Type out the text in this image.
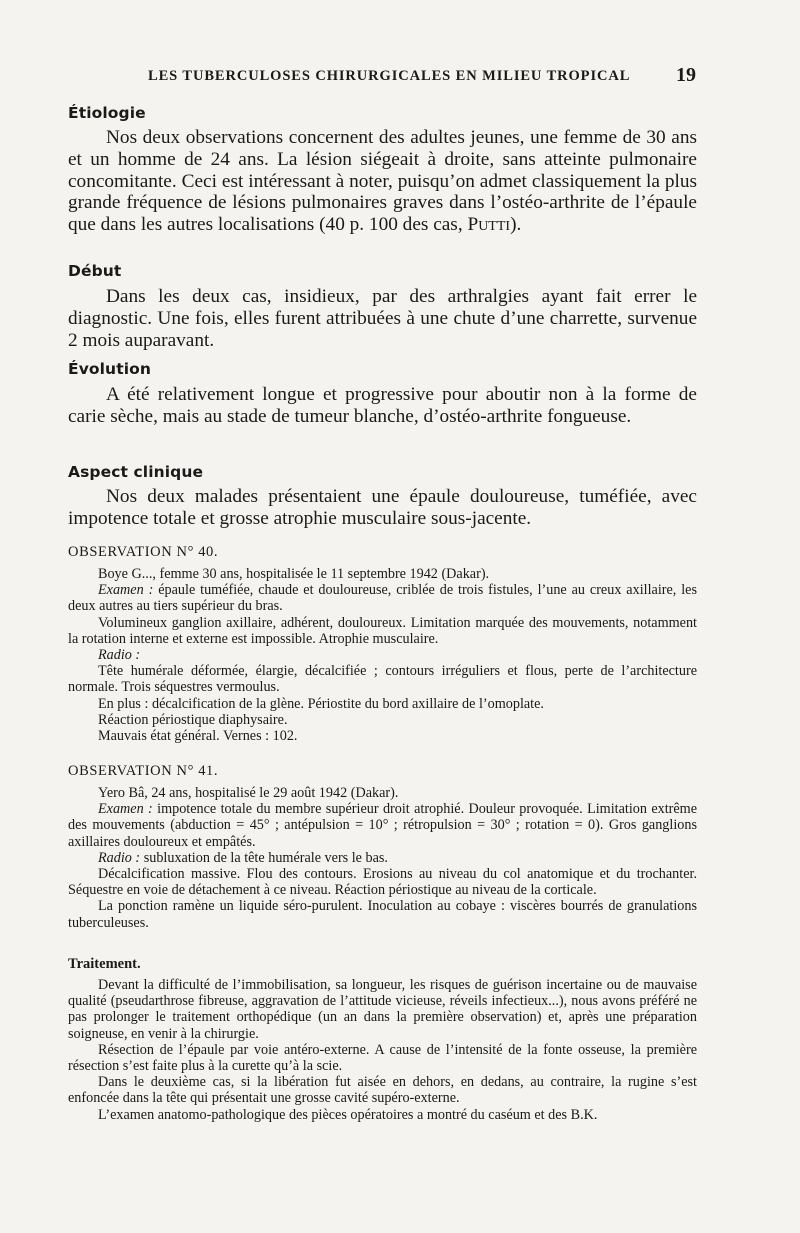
LES TUBERCULOSES CHIRURGICALES EN MILIEU TROPICAL 19
Étiologie

Nos deux observations concernent des adultes jeunes, une femme de 30 ans et un homme de 24 ans. La lésion siégeait à droite, sans atteinte pulmonaire concomitante. Ceci est intéressant à noter, puisqu’on admet classiquement la plus grande fréquence de lésions pulmonaires graves dans l’ostéo-arthrite de l’épaule que dans les autres localisations (40 p. 100 des cas, Putti).

Début

Dans les deux cas, insidieux, par des arthralgies ayant fait errer le diagnostic. Une fois, elles furent attribuées à une chute d’une charrette, survenue 2 mois auparavant.

Évolution

A été relativement longue et progressive pour aboutir non à la forme de carie sèche, mais au stade de tumeur blanche, d’ostéo-arthrite fongueuse.

Aspect clinique

Nos deux malades présentaient une épaule douloureuse, tuméfiée, avec impotence totale et grosse atrophie musculaire sous-jacente.

OBSERVATION N° 40.

Boye G..., femme 30 ans, hospitalisée le 11 septembre 1942 (Dakar).

Examen : épaule tuméfiée, chaude et douloureuse, criblée de trois fistules, l’une au creux axillaire, les deux autres au tiers supérieur du bras.

Volumineux ganglion axillaire, adhérent, douloureux. Limitation marquée des mouvements, notamment la rotation interne et externe est impossible. Atrophie musculaire.

Radio :

Tête humérale déformée, élargie, décalcifiée ; contours irréguliers et flous, perte de l’architecture normale. Trois séquestres vermoulus.

En plus : décalcification de la glène. Périostite du bord axillaire de l’omoplate.

Réaction périostique diaphysaire.

Mauvais état général. Vernes : 102.

OBSERVATION N° 41.

Yero Bâ, 24 ans, hospitalisé le 29 août 1942 (Dakar).

Examen : impotence totale du membre supérieur droit atrophié. Douleur provoquée. Limitation extrême des mouvements (abduction = 45° ; antépulsion = 10° ; rétropulsion = 30° ; rotation = 0). Gros ganglions axillaires douloureux et empâtés.

Radio : subluxation de la tête humérale vers le bas.

Décalcification massive. Flou des contours. Erosions au niveau du col anatomique et du trochanter. Séquestre en voie de détachement à ce niveau. Réaction périostique au niveau de la corticale.

La ponction ramène un liquide séro-purulent. Inoculation au cobaye : viscères bourrés de granulations tuberculeuses.

Traitement.

Devant la difficulté de l’immobilisation, sa longueur, les risques de guérison incertaine ou de mauvaise qualité (pseudarthrose fibreuse, aggravation de l’attitude vicieuse, réveils infectieux...), nous avons préféré ne pas prolonger le traitement orthopédique (un an dans la première observation) et, après une préparation soigneuse, en venir à la chirurgie.

Résection de l’épaule par voie antéro-externe. A cause de l’intensité de la fonte osseuse, la première résection s’est faite plus à la curette qu’à la scie.

Dans le deuxième cas, si la libération fut aisée en dehors, en dedans, au contraire, la rugine s’est enfoncée dans la tête qui présentait une grosse cavité supéro-externe.

L’examen anatomo-pathologique des pièces opératoires a montré du caséum et des B.K.
